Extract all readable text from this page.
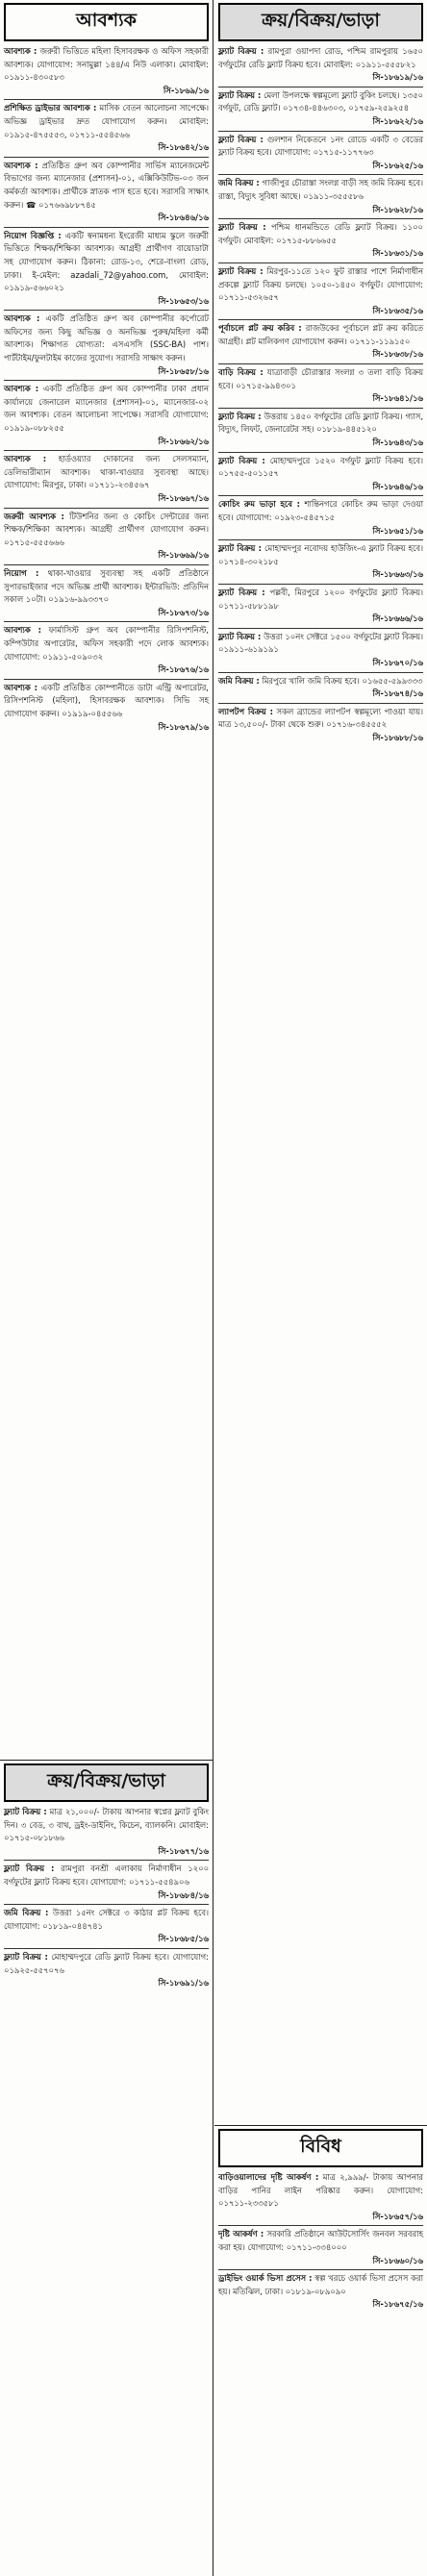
আবশ্যক

আবশ্যক : জরুরী ভিত্তিতে মহিলা হিসাবরক্ষক ও অফিস সহকারী আবশ্যক। যোগাযোগ: সনামুল্লা ১৪৪/এ নিউ এলাকা। মোবাইল: ০১৯১১-৪৩০৫৮৩
সি-১৮৬৯/১৬

প্রশিক্ষিত ড্রাইভার আবশ্যক : মাসিক বেতন আলোচনা সাপেক্ষে। অভিজ্ঞ ড্রাইভার দ্রুত যোগাযোগ করুন। মোবাইল: ০১৯১৫-৪৭৫৫৫৩, ০১৭১১-৫৫৪৫৬৬
সি-১৮৬৪২/১৬

আবশ্যক : প্রতিষ্ঠিত গ্রুপ অব কোম্পানীর সার্ভিস ম্যানেজমেন্ট বিভাগের জন্য ম্যানেজার (প্রশাসন)-০১, এক্সিকিউটিভ-০৩ জন কর্মকর্তা আবশ্যক। প্রার্থীকে স্নাতক পাস হতে হবে। সরাসরি সাক্ষাৎ করুন। ☎ ০১৭৬৬৯৮৮৭৪৫
সি-১৮৬৪৬/১৬

নিয়োগ বিজ্ঞপ্তি : একটি স্বনামধন্য ইংরেজী মাধ্যম স্কুলে জরুরী ভিত্তিতে শিক্ষক/শিক্ষিকা আবশ্যক। আগ্রহী প্রার্থীগণ বায়োডাটা সহ যোগাযোগ করুন। ঠিকানা: রোড-১৩, শেরে-বাংলা রোড, ঢাকা। ই-মেইল: azadali_72@yahoo.com, মোবাইল: ০১৯১৯-৫৬৬০২১
সি-১৮৬৫৩/১৬

আবশ্যক : একটি প্রতিষ্ঠিত গ্রুপ অব কোম্পানীর কর্পোরেট অফিসের জন্য কিছু অভিজ্ঞ ও অনভিজ্ঞ পুরুষ/মহিলা কর্মী আবশ্যক। শিক্ষাগত যোগ্যতা: এসএসসি (SSC-BA) পাশ। পার্টটাইম/ফুলটাইম কাজের সুযোগ। সরাসরি সাক্ষাৎ করুন।
সি-১৮৬৫৮/১৬

আবশ্যক : একটি প্রতিষ্ঠিত গ্রুপ অব কোম্পানীর ঢাকা প্রধান কার্যালয়ে জেনারেল ম্যানেজার (প্রশাসন)-০১, ম্যানেজার-০২ জন আবশ্যক। বেতন আলোচনা সাপেক্ষে। সরাসরি যোগাযোগ: ০১৯১৯-০৮৮২৫৫
সি-১৮৬৬২/১৬

আবশ্যক : হার্ডওয়্যার দোকানের জন্য সেলসম্যান, ডেলিভারীম্যান আবশ্যক। থাকা-খাওয়ার সুব্যবস্থা আছে। যোগাযোগ: মিরপুর, ঢাকা। ০১৭১১-২৩৪৫৬৭
সি-১৮৬৬৭/১৬

জরুরী আবশ্যক : টিউশনির জন্য ও কোচিং সেন্টারের জন্য শিক্ষক/শিক্ষিকা আবশ্যক। আগ্রহী প্রার্থীগণ যোগাযোগ করুন। ০১৭১৫-৫৫৫৬৬৬
সি-১৮৬৬৯/১৬

নিয়োগ : থাকা-খাওয়ার সুব্যবস্থা সহ একটি প্রতিষ্ঠানে সুপারভাইজার পদে অভিজ্ঞ প্রার্থী আবশ্যক। ইন্টারভিউ: প্রতিদিন সকাল ১০টা। ০১৯১৬-৯৯৩৩৭০
সি-১৮৬৭৩/১৬

আবশ্যক : ফার্মাসিস্ট গ্রুপ অব কোম্পানীর রিসিপশনিস্ট, কম্পিউটার অপারেটর, অফিস সহকারী পদে লোক আবশ্যক। যোগাযোগ: ০১৯১১-৫০৯০৩২
সি-১৮৬৭৬/১৬

আবশ্যক : একটি প্রতিষ্ঠিত কোম্পানীতে ডাটা এন্ট্রি অপারেটর, রিসিপশনিস্ট (মহিলা), হিসাবরক্ষক আবশ্যক। সিভি সহ যোগাযোগ করুন। ০১৯১৯-০৪৫৫৬৬
সি-১৮৬৭৯/১৬

ক্রয়/বিক্রয়/ভাড়া

ফ্ল্যাট বিক্রয় : মাত্র ২১,০০০/- টাকায় আপনার স্বপ্নের ফ্ল্যাট বুকিং দিন। ৩ বেড, ৩ বাথ, ড্রইং-ডাইনিং, কিচেন, ব্যালকনি। মোবাইল: ০১৭১৫-০৮১৮৬৬
সি-১৮৬৭৭/১৬

ফ্ল্যাট বিক্রয় : রামপুরা বনশ্রী এলাকায় নির্মাণাধীন ১২০০ বর্গফুটের ফ্ল্যাট বিক্রয় হবে। যোগাযোগ: ০১৭১১-৫৫৪৯০৬
সি-১৮৬৮৪/১৬

জমি বিক্রয় : উত্তরা ১৫নং সেক্টরে ৩ কাঠার প্লট বিক্রয় হবে। যোগাযোগ: ০১৮১৯-০৪৪৭৪১
সি-১৮৬৮৫/১৬

ফ্ল্যাট বিক্রয় : মোহাম্মদপুরে রেডি ফ্ল্যাট বিক্রয় হবে। যোগাযোগ: ০১৯২৫-৫৫৭০৭৬
সি-১৮৬৯১/১৬

ক্রয়/বিক্রয়/ভাড়া

ফ্ল্যাট বিক্রয় : রামপুরা ওয়াপদা রোড, পশ্চিম রামপুরায় ১৬৫০ বর্গফুটের রেডি ফ্ল্যাট বিক্রয় হবে। মোবাইল: ০১৯১১-৫৫৫৮২১
সি-১৮৬১৯/১৬

ফ্ল্যাট বিক্রয় : মেলা উপলক্ষে স্বল্পমূল্যে ফ্ল্যাট বুকিং চলছে। ১৩৫০ বর্গফুট, রেডি ফ্ল্যাট। ০১৭৩৪-৪৪৬৩০৩, ০১৭৫৯-২৫৯২৫৪
সি-১৮৬২২/১৬

ফ্ল্যাট বিক্রয় : গুলশান নিকেতনে ১নং রোডে একটি ৩ বেডের ফ্ল্যাট বিক্রয় হবে। যোগাযোগ: ০১৭১৫-১১৭৭৬৩
সি-১৮৬২৫/১৬

জমি বিক্রয় : গাজীপুর চৌরাস্তা সংলগ্ন বাড়ী সহ জমি বিক্রয় হবে। রাস্তা, বিদ্যুৎ সুবিধা আছে। ০১৯১১-৩৫৫৫৮৬
সি-১৮৬২৮/১৬

ফ্ল্যাট বিক্রয় : পশ্চিম ধানমন্ডিতে রেডি ফ্ল্যাট বিক্রয়। ১১০০ বর্গফুট। মোবাইল: ০১৭১৫-৮৮৬৬৫৫
সি-১৮৬৩১/১৬

ফ্ল্যাট বিক্রয় : মিরপুর-১১তে ১২০ ফুট রাস্তার পাশে নির্মাণাধীন প্রকল্পে ফ্ল্যাট বিক্রয় চলছে। ১০৫০-১৪৫০ বর্গফুট। যোগাযোগ: ০১৭১১-৫৩২৬৫৭
সি-১৮৬৩৫/১৬

পূর্বাচলে প্লট ক্রয় করিব : রাজউকের পূর্বাচলে প্লট ক্রয় করিতে আগ্রহী। প্লট মালিকগণ যোগাযোগ করুন। ০১৭১১-১১৯১৫০
সি-১৮৬৩৮/১৬

বাড়ি বিক্রয় : যাত্রাবাড়ী চৌরাস্তার সংলগ্ন ৩ তলা বাড়ি বিক্রয় হবে। ০১৭১৫-৯৯৪৩০১
সি-১৮৬৪১/১৬

ফ্ল্যাট বিক্রয় : উত্তরায় ১৪৫০ বর্গফুটের রেডি ফ্ল্যাট বিক্রয়। গ্যাস, বিদ্যুৎ, লিফট, জেনারেটর সহ। ০১৮১৯-৪৪৫১২০
সি-১৮৬৪৩/১৬

ফ্ল্যাট বিক্রয় : মোহাম্মদপুরে ১৫২০ বর্গফুট ফ্ল্যাট বিক্রয় হবে। ০১৭৫৫-৫০১১৫৭
সি-১৮৬৪৬/১৬

কোচিং রুম ভাড়া হবে : শান্তিনগরে কোচিং রুম ভাড়া দেওয়া হবে। যোগাযোগ: ০১৯২৩-৫৪৫৭১৫
সি-১৮৬৫১/১৬

ফ্ল্যাট বিক্রয় : মোহাম্মদপুর নবোদয় হাউজিং-এ ফ্ল্যাট বিক্রয় হবে। ০১৭১৪-৩০২১৮৫
সি-১৮৬৬৩/১৬

ফ্ল্যাট বিক্রয় : পল্লবী, মিরপুরে ১২০০ বর্গফুটের ফ্ল্যাট বিক্রয়। ০১৭১১-৫৮৮১৯৮
সি-১৮৬৬৬/১৬

ফ্ল্যাট বিক্রয় : উত্তরা ১০নং সেক্টরে ১৫০০ বর্গফুটের ফ্ল্যাট বিক্রয়। ০১৯১১-৬১৯১৯১
সি-১৮৬৭০/১৬

জমি বিক্রয় : মিরপুরে খালি জমি বিক্রয় হবে। ০১৬৫৫-৫৯৯৩৩৩
সি-১৮৬৭৪/১৬

ল্যাপটপ বিক্রয় : সকল ব্র্যান্ডের ল্যাপটপ স্বল্পমূল্যে পাওয়া যায়। মাত্র ১৩,৫০০/- টাকা থেকে শুরু। ০১৭১৬-৩৪৫৫৫২
সি-১৮৬৮৮/১৬

বিবিধ

বাড়িওয়ালাদের দৃষ্টি আকর্ষণ : মাত্র ২,৯৯৯/- টাকায় আপনার বাড়ির পানির লাইন পরিষ্কার করুন। যোগাযোগ: ০১৭১১-২৩৩৫৮১
সি-১৮৬৫৭/১৬

দৃষ্টি আকর্ষণ : সরকারি প্রতিষ্ঠানে আউটসোর্সিং জনবল সরবরাহ করা হয়। যোগাযোগ: ০১৭১১-৩৩৪০০০
সি-১৮৬৬০/১৬

ড্রাইভিং ওয়ার্ক ভিসা প্রসেস : স্বল্প খরচে ওয়ার্ক ভিসা প্রসেস করা হয়। মতিঝিল, ঢাকা। ০১৮১৯-০৮৯০৯০
সি-১৮৬৭৫/১৬
